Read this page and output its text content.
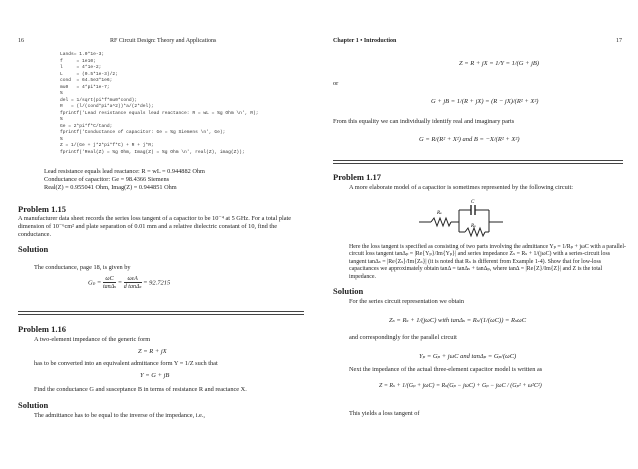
16	RF Circuit Design: Theory and Applications
Lands= 1.0*1e-3;
f     = 1e10;
l     = 4*1e-2;
L     = (0.5*1e-3)/2;
cond  = 64.5e3*1e6;
mu0   = 4*pi*1e-7;
%
del = 1/sqrt(pi*f*mu0*cond);
R   = (l/(cond*pi*a^2))*a/(2*del);
fprintf('Lead resistance equals lead reactance: R = wL = %g Ohm \n', R);
%
Ge = 2*pi*f*C/tand;
fprintf('Conductance of capacitor: Ge = %g Siemens \n', Ge);
%
Z = 1/(Ge + j*2*pi*f*C) + R + j*R;
fprintf('Real(Z) = %g Ohm, Imag(Z) = %g Ohm \n', real(Z), imag(Z));
Lead resistance equals lead reactance: R = wL = 0.944882 Ohm
Conductance of capacitor: Ge = 98.4366 Siemens
Real(Z) = 0.955041 Ohm, Imag(Z) = 0.944851 Ohm
Problem 1.15
A manufacturer data sheet records the series loss tangent of a capacitor to be 10⁻⁴ at 5 GHz. For a total plate dimension of 10⁻⁶cm² and plate separation of 0.01 mm and a relative dielectric constant of 10, find the conductance.
Solution
The conductance, page 18, is given by
$G_p = \frac{\omega C}{\text{tanΔₛ}} = \frac{\text{ωεA}}{\text{d tanΔₛ}} = 92.7215$
Problem 1.16
A two-element impedance of the generic form
Z = R + jX
has to be converted into an equivalent admittance form Y = 1/Z such that
Y = G + jB
Find the conductance G and susceptance B in terms of resistance R and reactance X.
Solution
The admittance has to be equal to the inverse of the impedance, i.e.,
Chapter 1 • Introduction	17
Z = R + jX = 1/Y = 1/(G + jB)
or
G + jB = 1/(R + jX) = (R − jX)/(R² + X²)
From this equality we can individually identify real and imaginary parts
G = R/(R² + X²) and B = −X/(R² + X²)
Problem 1.17
A more elaborate model of a capacitor is sometimes represented by the following circuit:
Rₛ
C
Rₚ
Here the loss tangent is specified as consisting of two parts involving the admittance Yₚ = 1/Rₚ + jωC with a parallel-circuit loss tangent tanΔₚ = |Re{Yₚ}/Im{Yₚ}| and series impedance Zₛ = Rₛ + 1/(jωC) with a series-circuit loss tangent tanΔₛ = |Re{Zₛ}/Im{Zₛ}| (it is noted that Rₛ is different from Example 1-4). Show that for low-loss capacitances we approximately obtain tanΔ = tanΔₛ + tanΔₚ, where tanΔ = |Re{Z}/Im{Z}| and Z is the total impedance.
Solution
For the series circuit representation we obtain
Zₛ = Rₛ + 1/(jωC) with tanΔₛ = Rₛ/(1/(ωC)) = RₛωC
and correspondingly for the parallel circuit
Yₚ = Gₚ + jωC and tanΔₚ = Gₚ/(ωC)
Next the impedance of the actual three-element capacitor model is written as
Z = Rₛ + 1/(Gₚ + jωC) = Rₛ(Gₚ − jωC) + Gₚ − jωC / (Gₚ² + ω²C²)
This yields a loss tangent of
